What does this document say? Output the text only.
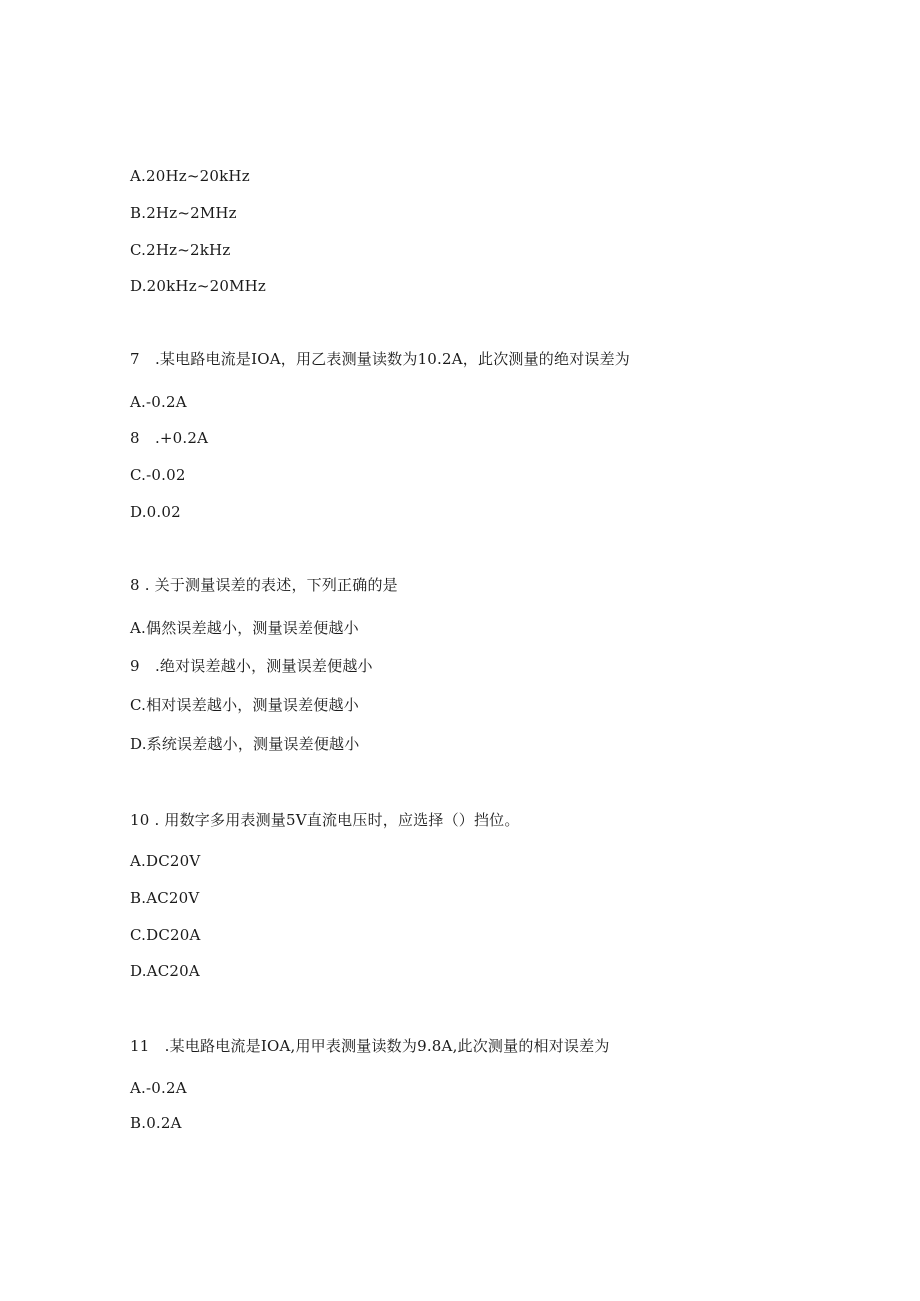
A.20Hz~20kHz
B.2Hz~2MHz
C.2Hz~2kHz
D.20kHz~20MHz
7　.某电路电流是IOA，用乙表测量读数为10.2A，此次测量的绝对误差为
A.-0.2A
8　.+0.2A
C.-0.02
D.0.02
8 . 关于测量误差的表述，下列正确的是
A.偶然误差越小，测量误差便越小
9　.绝对误差越小，测量误差便越小
C.相对误差越小，测量误差便越小
D.系统误差越小，测量误差便越小
10 . 用数字多用表测量5V直流电压时，应选择（）挡位。
A.DC20V
B.AC20V
C.DC20A
D.AC20A
11　.某电路电流是IOA,用甲表测量读数为9.8A,此次测量的相对误差为
A.-0.2A
B.0.2A
